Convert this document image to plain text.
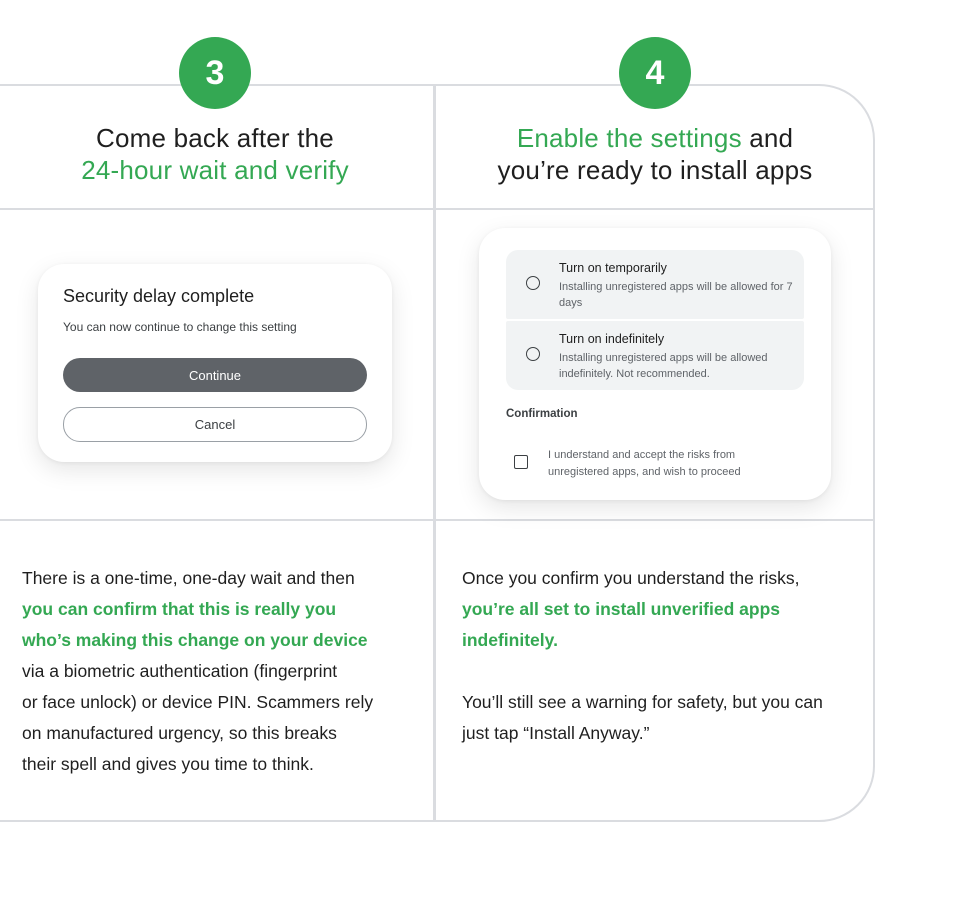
3	4
Come back after the
24-hour wait and verify
Enable the settings and
you’re ready to install apps
Security delay complete
You can now continue to change this setting
Continue
Cancel
Turn on temporarily
Installing unregistered apps will be allowed for 7 days
Turn on indefinitely
Installing unregistered apps will be allowed indefinitely. Not recommended.
Confirmation
I understand and accept the risks from unregistered apps, and wish to proceed

There is a one-time, one-day wait and then

you can confirm that this is really you

who’s making this change on your device

via a biometric authentication (fingerprint

or face unlock) or device PIN. Scammers rely

on manufactured urgency, so this breaks

their spell and gives you time to think.

Once you confirm you understand the risks,

you’re all set to install unverified apps

indefinitely.

You’ll still see a warning for safety, but you can

just tap “Install Anyway.”
